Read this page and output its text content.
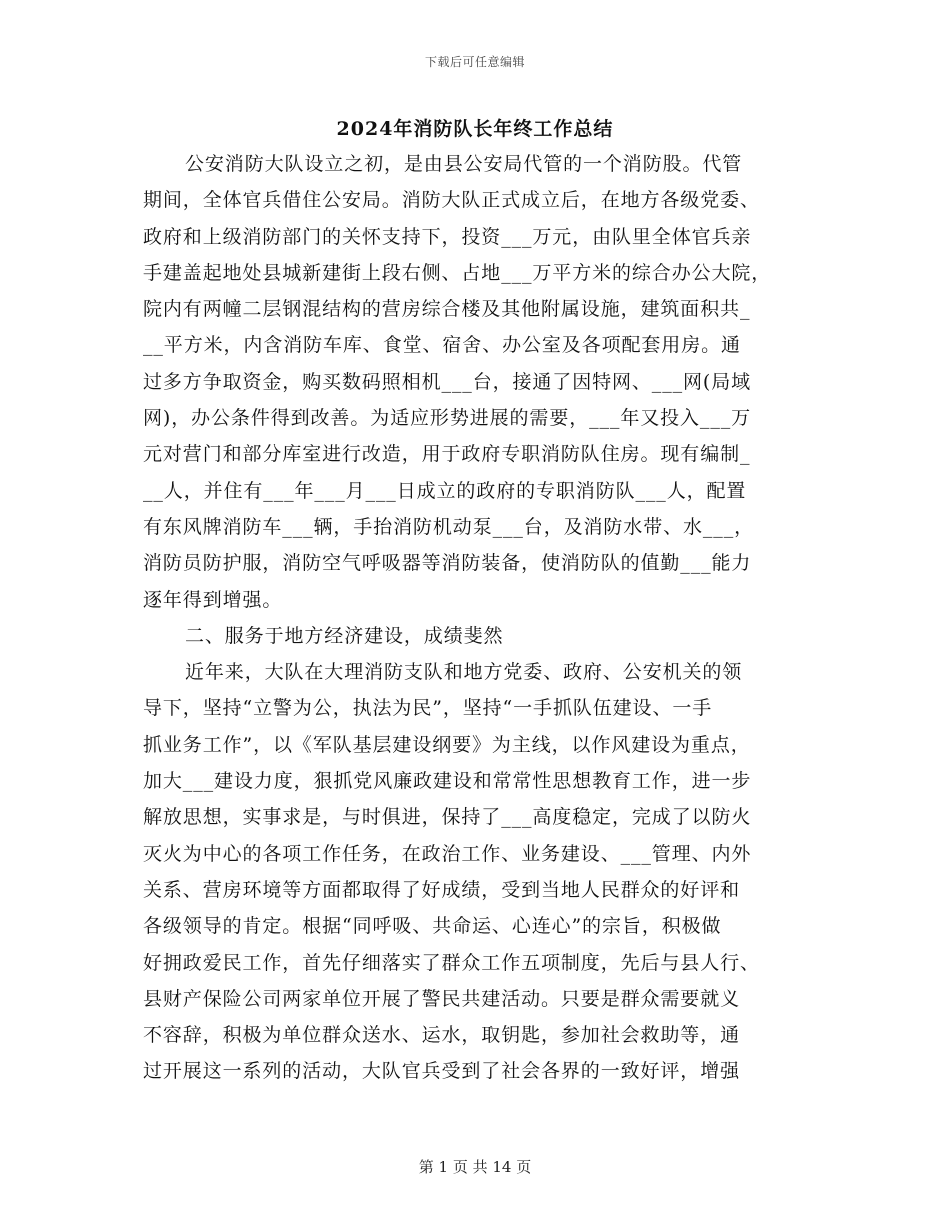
下载后可任意编辑
2024年消防队长年终工作总结
公安消防大队设立之初，是由县公安局代管的一个消防股。代管
期间，全体官兵借住公安局。消防大队正式成立后，在地方各级党委、
政府和上级消防部门的关怀支持下，投资___万元，由队里全体官兵亲
手建盖起地处县城新建街上段右侧、占地___万平方米的综合办公大院，
院内有两幢二层钢混结构的营房综合楼及其他附属设施，建筑面积共_
__平方米，内含消防车库、食堂、宿舍、办公室及各项配套用房。通
过多方争取资金，购买数码照相机___台，接通了因特网、___网(局域
网)，办公条件得到改善。为适应形势进展的需要，___年又投入___万
元对营门和部分库室进行改造，用于政府专职消防队住房。现有编制_
__人，并住有___年___月___日成立的政府的专职消防队___人，配置
有东风牌消防车___辆，手抬消防机动泵___台，及消防水带、水___，
消防员防护服，消防空气呼吸器等消防装备，使消防队的值勤___能力
逐年得到增强。
二、服务于地方经济建设，成绩斐然
近年来，大队在大理消防支队和地方党委、政府、公安机关的领
导下，坚持“立警为公，执法为民”，坚持“一手抓队伍建设、一手
抓业务工作”，以《军队基层建设纲要》为主线，以作风建设为重点，
加大___建设力度，狠抓党风廉政建设和常常性思想教育工作，进一步
解放思想，实事求是，与时俱进，保持了___高度稳定，完成了以防火
灭火为中心的各项工作任务，在政治工作、业务建设、___管理、内外
关系、营房环境等方面都取得了好成绩，受到当地人民群众的好评和
各级领导的肯定。根据“同呼吸、共命运、心连心”的宗旨，积极做
好拥政爱民工作，首先仔细落实了群众工作五项制度，先后与县人行、
县财产保险公司两家单位开展了警民共建活动。只要是群众需要就义
不容辞，积极为单位群众送水、运水，取钥匙，参加社会救助等，通
过开展这一系列的活动，大队官兵受到了社会各界的一致好评，增强
第 1 页 共 14 页
